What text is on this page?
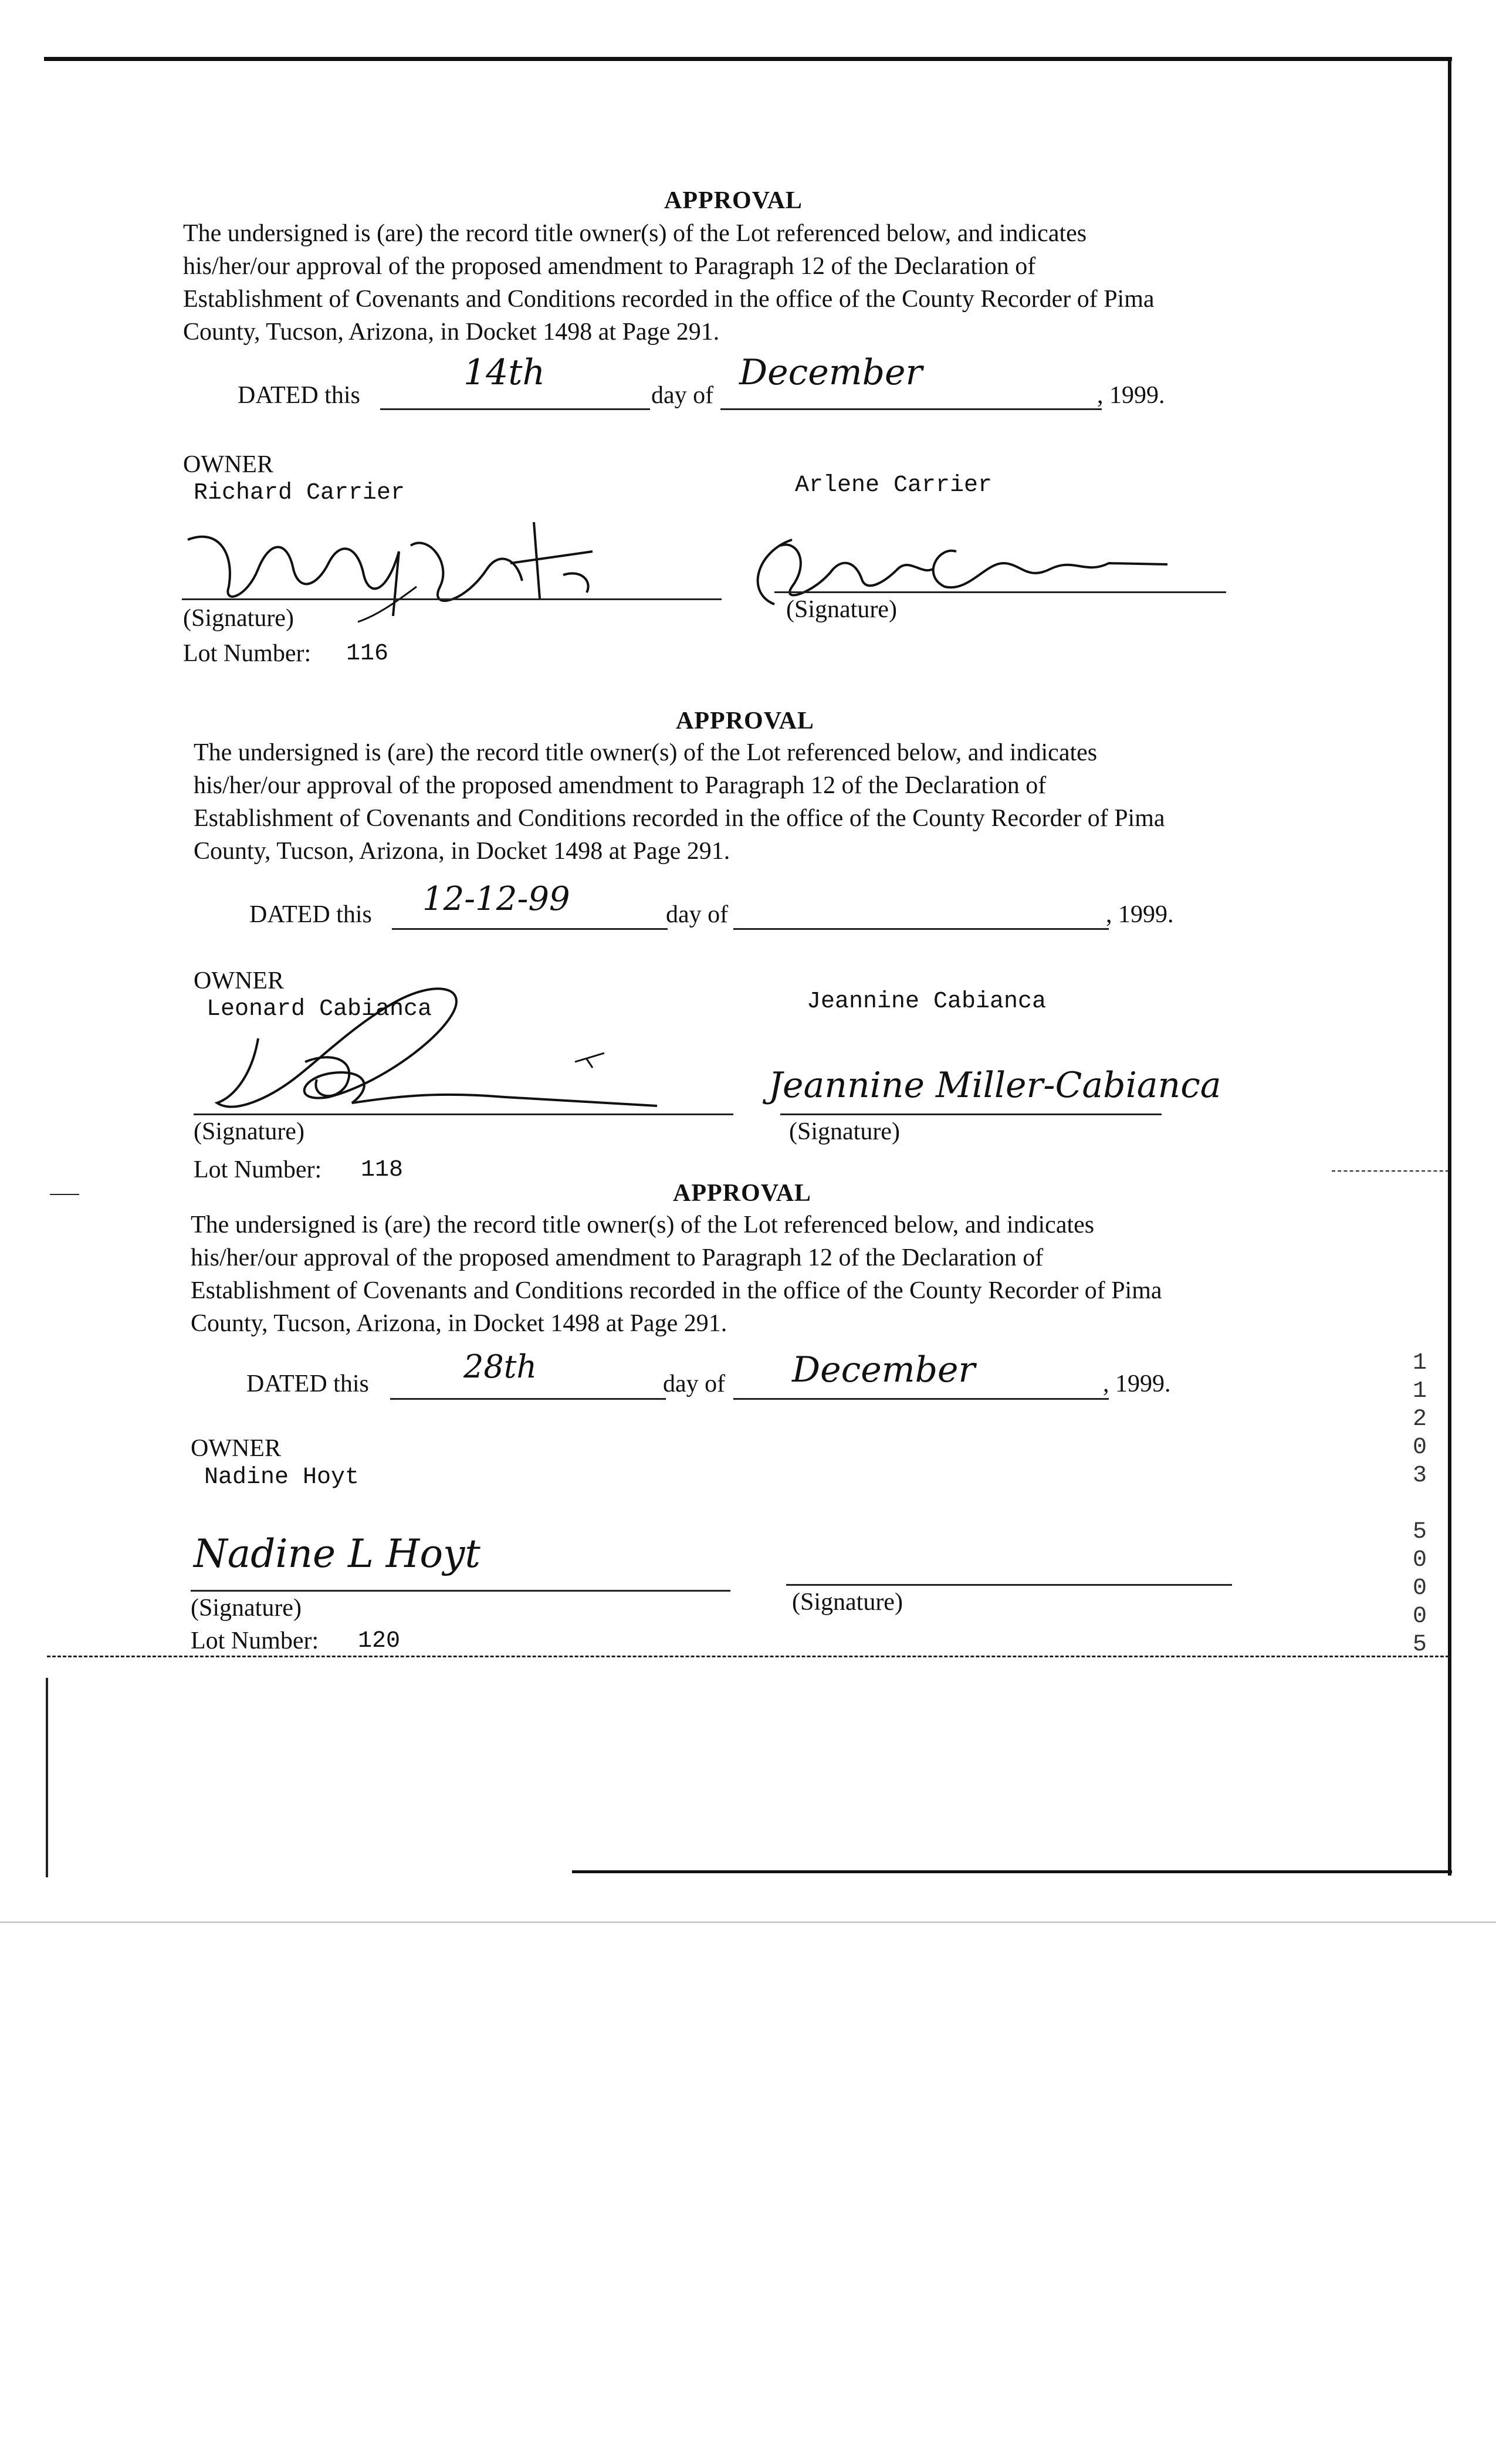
APPROVAL
The undersigned is (are) the record title owner(s) of the Lot referenced below, and indicates
his/her/our approval of the proposed amendment to Paragraph 12 of the Declaration of
Establishment of Covenants and Conditions recorded in the office of the County Recorder of Pima
County, Tucson, Arizona, in Docket 1498 at Page 291.
DATED this
14th
day of
December
, 1999.
OWNER
Richard Carrier	Arlene Carrier
(Signature)	(Signature)
Lot Number: 116
APPROVAL
The undersigned is (are) the record title owner(s) of the Lot referenced below, and indicates
his/her/our approval of the proposed amendment to Paragraph 12 of the Declaration of
Establishment of Covenants and Conditions recorded in the office of the County Recorder of Pima
County, Tucson, Arizona, in Docket 1498 at Page 291.
DATED this 12-12-99	day of	, 1999.
OWNER
Leonard Cabianca	Jeannine Cabianca
(Signature)
Jeannine Miller-Cabianca
(Signature)
Lot Number: 118
APPROVAL
The undersigned is (are) the record title owner(s) of the Lot referenced below, and indicates
his/her/our approval of the proposed amendment to Paragraph 12 of the Declaration of
Establishment of Covenants and Conditions recorded in the office of the County Recorder of Pima
County, Tucson, Arizona, in Docket 1498 at Page 291.
DATED this	28th	day of December	, 1999.
OWNER
Nadine Hoyt
Nadine L Hoyt
(Signature)	(Signature)
Lot Number: 120
1
1
2
0
3
5
0
0
0
5
